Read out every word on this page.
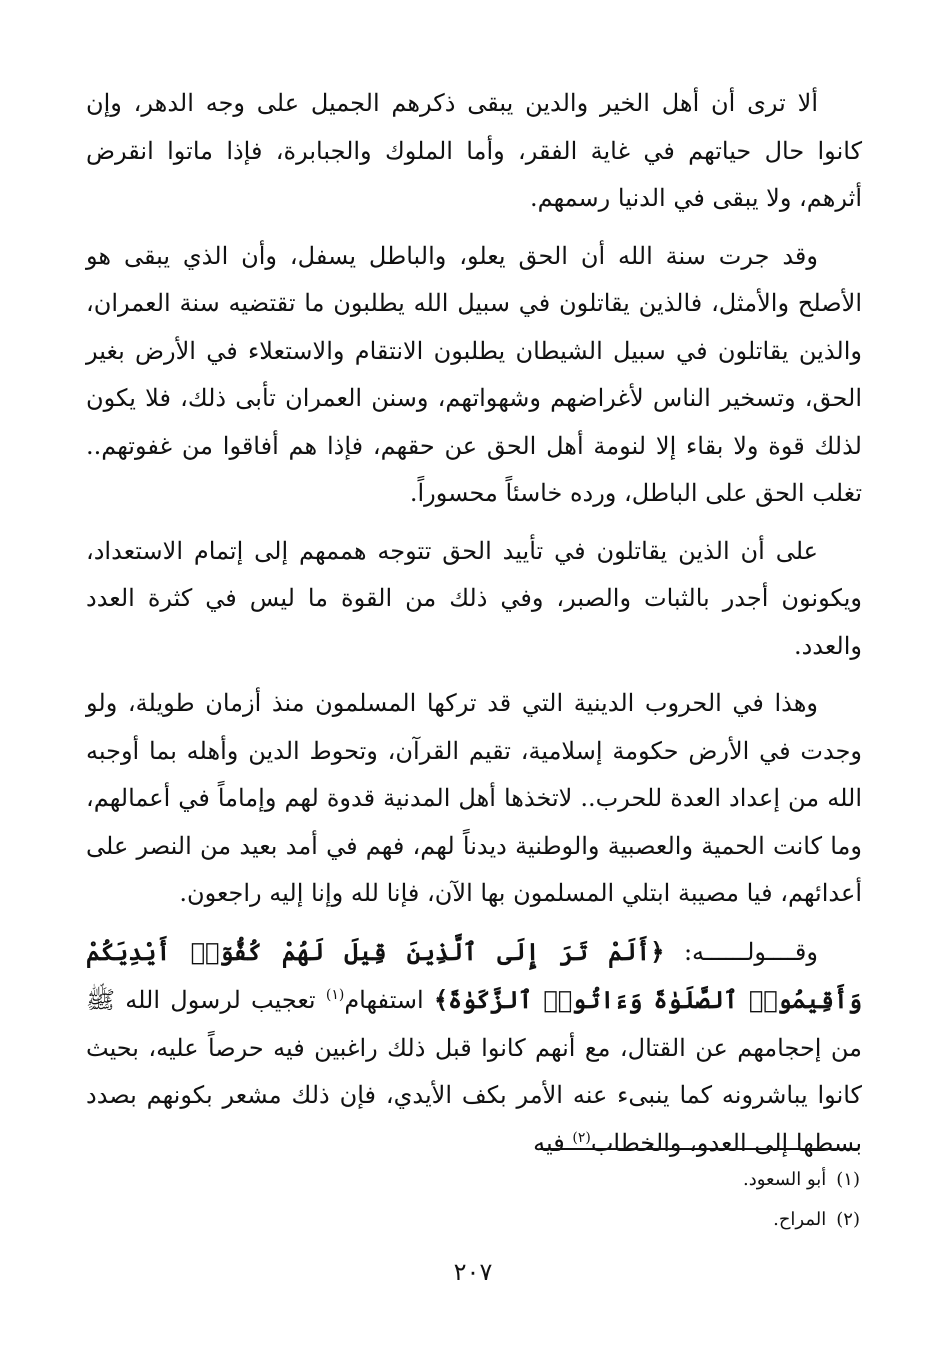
ألا ترى أن أهل الخير والدين يبقى ذكرهم الجميل على وجه الدهر، وإن كانوا حال حياتهم في غاية الفقر، وأما الملوك والجبابرة، فإذا ماتوا انقرض أثرهم، ولا يبقى في الدنيا رسمهم.

وقد جرت سنة الله أن الحق يعلو، والباطل يسفل، وأن الذي يبقى هو الأصلح والأمثل، فالذين يقاتلون في سبيل الله يطلبون ما تقتضيه سنة العمران، والذين يقاتلون في سبيل الشيطان يطلبون الانتقام والاستعلاء في الأرض بغير الحق، وتسخير الناس لأغراضهم وشهواتهم، وسنن العمران تأبى ذلك، فلا يكون لذلك قوة ولا بقاء إلا لنومة أهل الحق عن حقهم، فإذا هم أفاقوا من غفوتهم.. تغلب الحق على الباطل، ورده خاسئاً محسوراً.

على أن الذين يقاتلون في تأييد الحق تتوجه هممهم إلى إتمام الاستعداد، ويكونون أجدر بالثبات والصبر، وفي ذلك من القوة ما ليس في كثرة العدد والعدد.

وهذا في الحروب الدينية التي قد تركها المسلمون منذ أزمان طويلة، ولو وجدت في الأرض حكومة إسلامية، تقيم القرآن، وتحوط الدين وأهله بما أوجبه الله من إعداد العدة للحرب.. لاتخذها أهل المدنية قدوة لهم وإماماً في أعمالهم، وما كانت الحمية والعصبية والوطنية ديدناً لهم، فهم في أمد بعيد من النصر على أعدائهم، فيا مصيبة ابتلي المسلمون بها الآن، فإنا لله وإنا إليه راجعون.

وقــــولــــــه: ﴿أَلَمْ تَرَ إِلَى ٱلَّذِينَ قِيلَ لَهُمْ كُفُّوٓا۟ أَيْدِيَكُمْ وَأَقِيمُوا۟ ٱلصَّلَوٰةَ وَءَاتُوا۟ ٱلزَّكَوٰةَ﴾ استفهام$^{(١)}$ تعجيب لرسول الله ﷺ من إحجامهم عن القتال، مع أنهم كانوا قبل ذلك راغبين فيه حرصاً عليه، بحيث كانوا يباشرونه كما ينبىء عنه الأمر بكف الأيدي، فإن ذلك مشعر بكونهم بصدد بسطها إلى العدو، والخطاب$^{(٢)}$ فيه

(١)أبو السعود.
(٢)المراح.
٢٠٧
